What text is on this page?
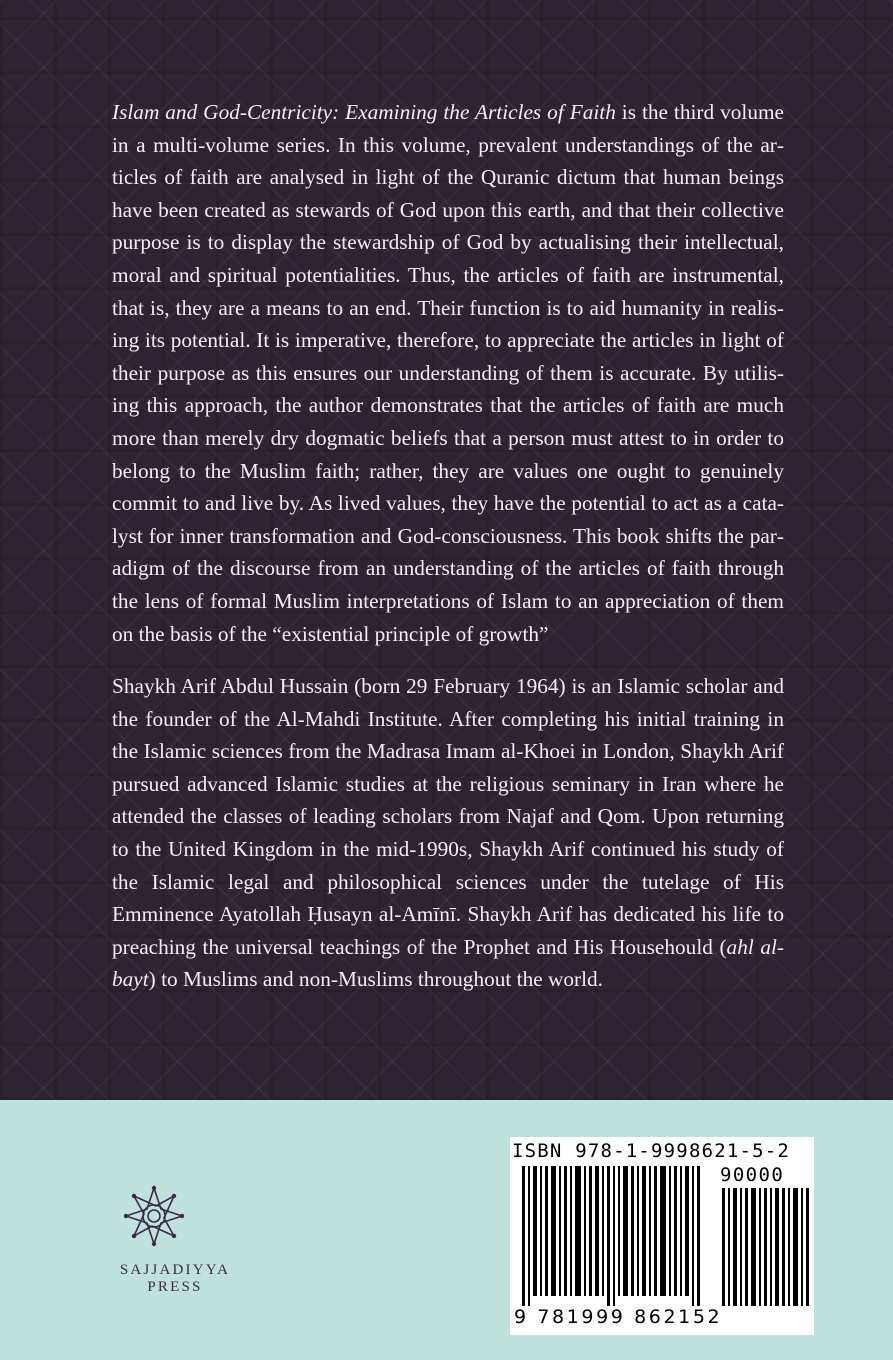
Islam and God-Centricity: Examining the Articles of Faith is the third volume in a multi-volume series. In this volume, prevalent understandings of the articles of faith are analysed in light of the Quranic dictum that human beings have been created as stewards of God upon this earth, and that their collective purpose is to display the stewardship of God by actualising their intellectual, moral and spiritual potentialities. Thus, the articles of faith are instrumental, that is, they are a means to an end. Their function is to aid humanity in realising its potential. It is imperative, therefore, to appreciate the articles in light of their purpose as this ensures our understanding of them is accurate. By utilising this approach, the author demonstrates that the articles of faith are much more than merely dry dogmatic beliefs that a person must attest to in order to belong to the Muslim faith; rather, they are values one ought to genuinely commit to and live by. As lived values, they have the potential to act as a catalyst for inner transformation and God-consciousness. This book shifts the paradigm of the discourse from an understanding of the articles of faith through the lens of formal Muslim interpretations of Islam to an appreciation of them on the basis of the “existential principle of growth”

Shaykh Arif Abdul Hussain (born 29 February 1964) is an Islamic scholar and the founder of the Al-Mahdi Institute. After completing his initial training in the Islamic sciences from the Madrasa Imam al-Khoei in London, Shaykh Arif pursued advanced Islamic studies at the religious seminary in Iran where he attended the classes of leading scholars from Najaf and Qom. Upon returning to the United Kingdom in the mid-1990s, Shaykh Arif continued his study of the Islamic legal and philosophical sciences under the tutelage of His Emminence Ayatollah Ḥusayn al-Amīnī. Shaykh Arif has dedicated his life to preaching the universal teachings of the Prophet and His Househould (ahl al-bayt) to Muslims and non-Muslims throughout the world.

SAJJADIYYA PRESS
ISBN 978-1-9998621-5-2
90000
9 781999 862152
